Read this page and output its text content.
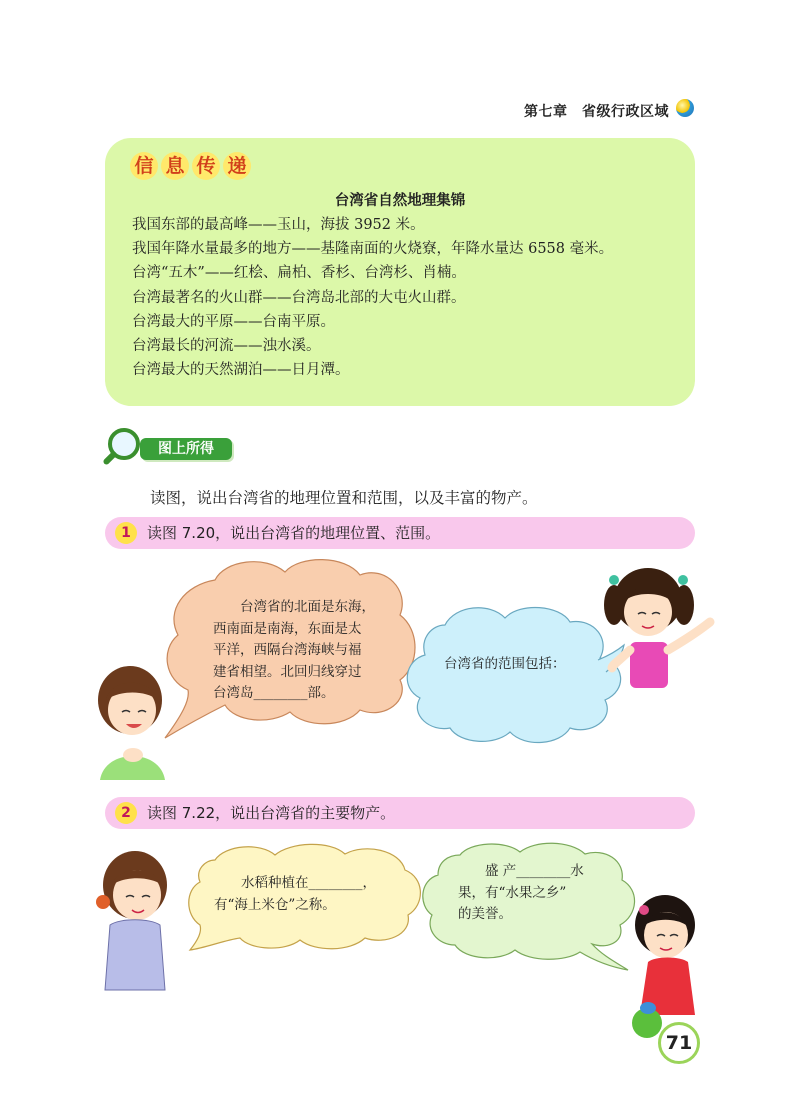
第七章　省级行政区域
信 息 传 递
台湾省自然地理集锦
我国东部的最高峰——玉山，海拔 3952 米。
我国年降水量最多的地方——基隆南面的火烧寮，年降水量达 6558 毫米。
台湾“五木”——红桧、扁柏、香杉、台湾杉、肖楠。
台湾最著名的火山群——台湾岛北部的大屯火山群。
台湾最大的平原——台南平原。
台湾最长的河流——浊水溪。
台湾最大的天然湖泊——日月潭。
图上所得
读图，说出台湾省的地理位置和范围，以及丰富的物产。
1	读图 7.20，说出台湾省的地理位置、范围。
　　台湾省的北面是东海，
西南面是南海，东面是太
平洋，西隔台湾海峡与福
建省相望。北回归线穿过
台湾岛________部。
台湾省的范围包括：
2	读图 7.22，说出台湾省的主要物产。
　　水稻种植在________，
有“海上米仓”之称。
　　盛 产________水
果，有“水果之乡”
的美誉。
71
